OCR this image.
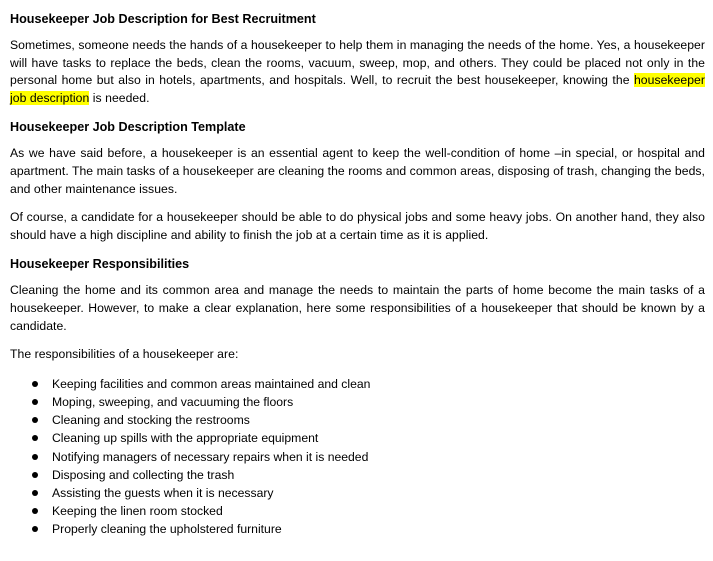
Housekeeper Job Description for Best Recruitment

Sometimes, someone needs the hands of a housekeeper to help them in managing the needs of the home. Yes, a housekeeper will have tasks to replace the beds, clean the rooms, vacuum, sweep, mop, and others. They could be placed not only in the personal home but also in hotels, apartments, and hospitals. Well, to recruit the best housekeeper, knowing the housekeeper job description is needed.

Housekeeper Job Description Template

As we have said before, a housekeeper is an essential agent to keep the well-condition of home –in special, or hospital and apartment. The main tasks of a housekeeper are cleaning the rooms and common areas, disposing of trash, changing the beds, and other maintenance issues.

Of course, a candidate for a housekeeper should be able to do physical jobs and some heavy jobs. On another hand, they also should have a high discipline and ability to finish the job at a certain time as it is applied.

Housekeeper Responsibilities

Cleaning the home and its common area and manage the needs to maintain the parts of home become the main tasks of a housekeeper. However, to make a clear explanation, here some responsibilities of a housekeeper that should be known by a candidate.

The responsibilities of a housekeeper are:

Keeping facilities and common areas maintained and clean
Moping, sweeping, and vacuuming the floors
Cleaning and stocking the restrooms
Cleaning up spills with the appropriate equipment
Notifying managers of necessary repairs when it is needed
Disposing and collecting the trash
Assisting the guests when it is necessary
Keeping the linen room stocked
Properly cleaning the upholstered furniture
